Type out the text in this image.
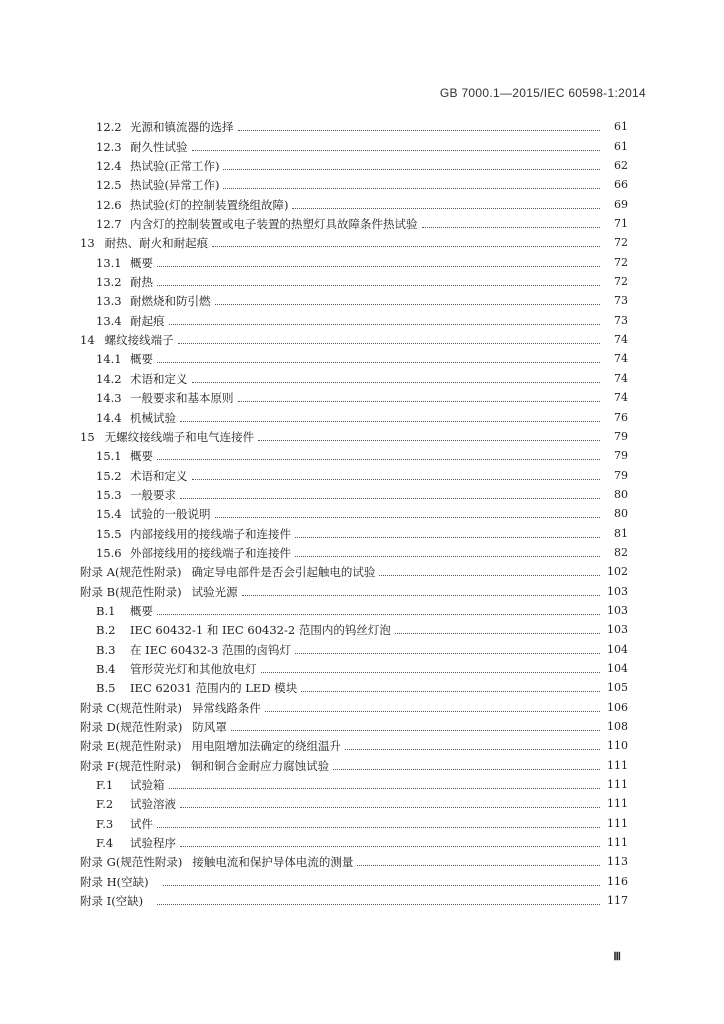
GB 7000.1—2015/IEC 60598-1:2014
12.2 光源和镇流器的选择	61
12.3 耐久性试验	61
12.4 热试验(正常工作)	62
12.5 热试验(异常工作)	66
12.6 热试验(灯的控制装置绕组故障)	69
12.7 内含灯的控制装置或电子装置的热塑灯具故障条件热试验	71
13 耐热、耐火和耐起痕	72
13.1 概要	72
13.2 耐热	72
13.3 耐燃烧和防引燃	73
13.4 耐起痕	73
14 螺纹接线端子	74
14.1 概要	74
14.2 术语和定义	74
14.3 一般要求和基本原则	74
14.4 机械试验	76
15 无螺纹接线端子和电气连接件	79
15.1 概要	79
15.2 术语和定义	79
15.3 一般要求	80
15.4 试验的一般说明	80
15.5 内部接线用的接线端子和连接件	81
15.6 外部接线用的接线端子和连接件	82
附录 A(规范性附录) 确定导电部件是否会引起触电的试验	102
附录 B(规范性附录) 试验光源	103
B.1	概要	103
B.2	IEC 60432-1 和 IEC 60432-2 范围内的钨丝灯泡	103
B.3	在 IEC 60432-3 范围的卤钨灯	104
B.4	管形荧光灯和其他放电灯	104
B.5	IEC 62031 范围内的 LED 模块	105
附录 C(规范性附录) 异常线路条件	106
附录 D(规范性附录) 防风罩	108
附录 E(规范性附录) 用电阻增加法确定的绕组温升	110
附录 F(规范性附录) 铜和铜合金耐应力腐蚀试验	111
F.1	试验箱	111
F.2	试验溶液	111
F.3	试件	111
F.4	试验程序	111
附录 G(规范性附录) 接触电流和保护导体电流的测量	113
附录 H(空缺)	116
附录 I(空缺)	117
Ⅲ
